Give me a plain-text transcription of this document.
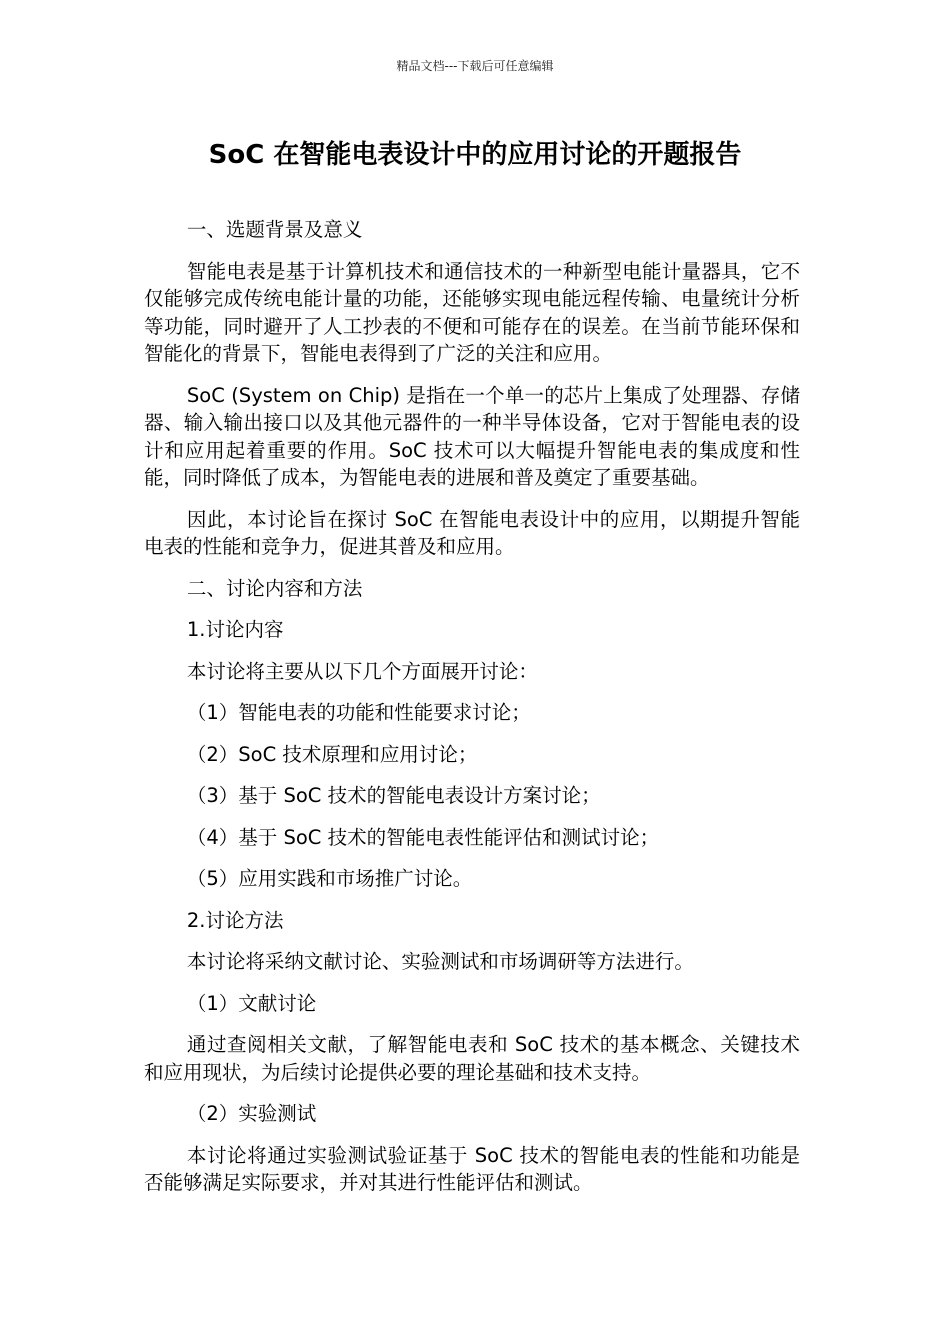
精品文档---下载后可任意编辑
SoC 在智能电表设计中的应用讨论的开题报告

一、选题背景及意义

智能电表是基于计算机技术和通信技术的一种新型电能计量器具，它不仅能够完成传统电能计量的功能，还能够实现电能远程传输、电量统计分析等功能，同时避开了人工抄表的不便和可能存在的误差。在当前节能环保和智能化的背景下，智能电表得到了广泛的关注和应用。

SoC (System on Chip) 是指在一个单一的芯片上集成了处理器、存储器、输入输出接口以及其他元器件的一种半导体设备，它对于智能电表的设计和应用起着重要的作用。SoC 技术可以大幅提升智能电表的集成度和性能，同时降低了成本，为智能电表的进展和普及奠定了重要基础。

因此，本讨论旨在探讨 SoC 在智能电表设计中的应用，以期提升智能电表的性能和竞争力，促进其普及和应用。

二、讨论内容和方法

1.讨论内容

本讨论将主要从以下几个方面展开讨论：

（1）智能电表的功能和性能要求讨论；

（2）SoC 技术原理和应用讨论；

（3）基于 SoC 技术的智能电表设计方案讨论；

（4）基于 SoC 技术的智能电表性能评估和测试讨论；

（5）应用实践和市场推广讨论。

2.讨论方法

本讨论将采纳文献讨论、实验测试和市场调研等方法进行。

（1）文献讨论

通过查阅相关文献，了解智能电表和 SoC 技术的基本概念、关键技术和应用现状，为后续讨论提供必要的理论基础和技术支持。

（2）实验测试

本讨论将通过实验测试验证基于 SoC 技术的智能电表的性能和功能是否能够满足实际要求，并对其进行性能评估和测试。
